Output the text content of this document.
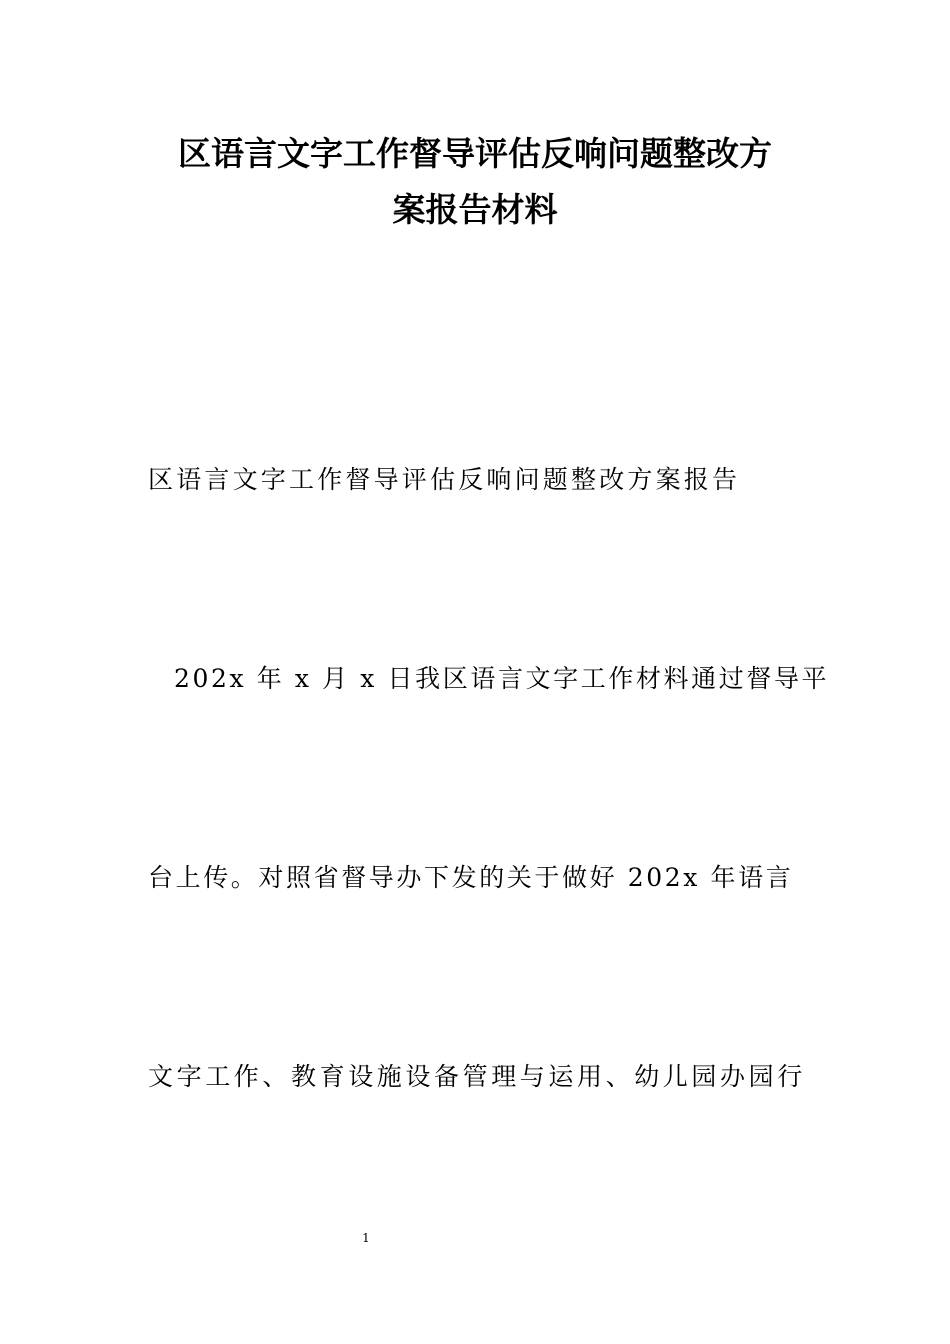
区语言文字工作督导评估反响问题整改方
案报告材料
区语言文字工作督导评估反响问题整改方案报告
202x 年 x 月 x 日我区语言文字工作材料通过督导平
台上传。对照省督导办下发的关于做好 202x 年语言
文字工作、教育设施设备管理与运用、幼儿园办园行
1
